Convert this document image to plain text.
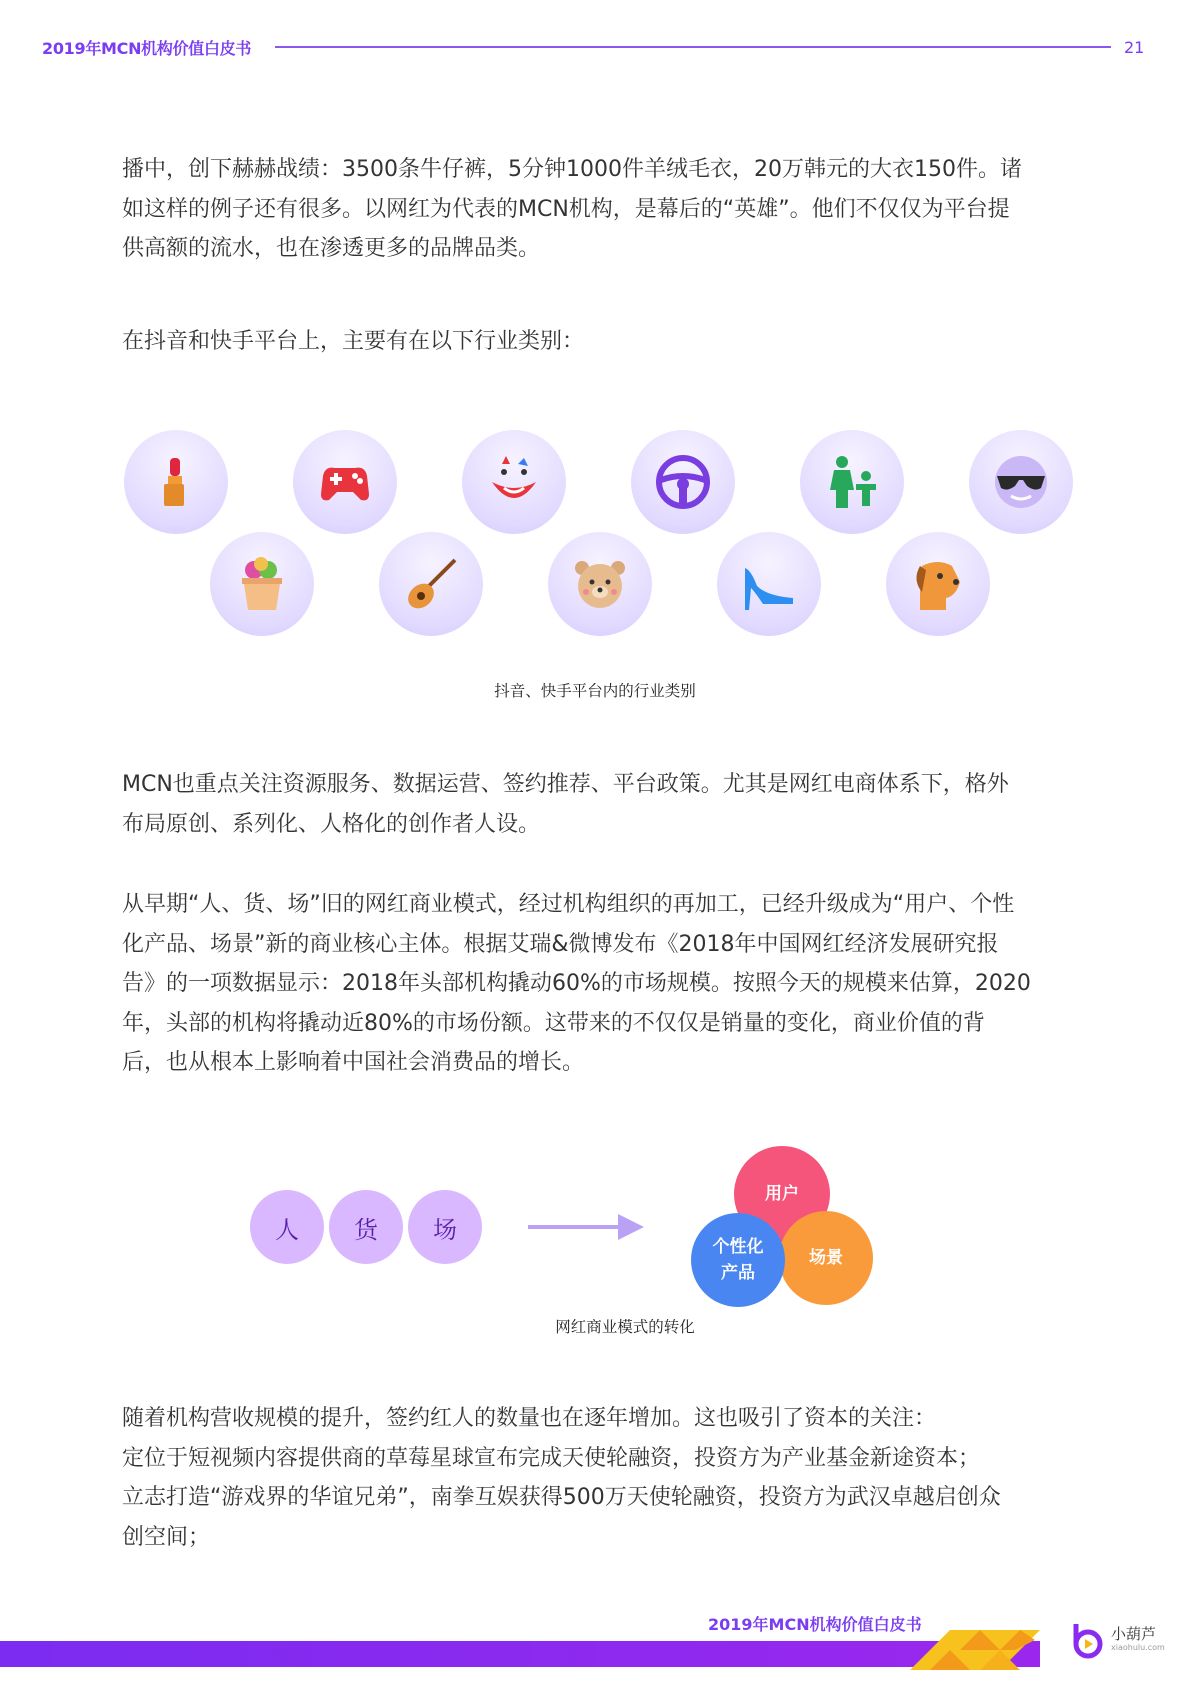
2019年MCN机构价值白皮书	21
播中，创下赫赫战绩：3500条牛仔裤，5分钟1000件羊绒毛衣，20万韩元的大衣150件。诸
如这样的例子还有很多。以网红为代表的MCN机构，是幕后的“英雄”。他们不仅仅为平台提
供高额的流水，也在渗透更多的品牌品类。
在抖音和快手平台上，主要有在以下行业类别：
抖音、快手平台内的行业类别
MCN也重点关注资源服务、数据运营、签约推荐、平台政策。尤其是网红电商体系下，格外
布局原创、系列化、人格化的创作者人设。
从早期“人、货、场”旧的网红商业模式，经过机构组织的再加工，已经升级成为“用户、个性
化产品、场景”新的商业核心主体。根据艾瑞&微博发布《2018年中国网红经济发展研究报
告》的一项数据显示：2018年头部机构撬动60%的市场规模。按照今天的规模来估算，2020
年，头部的机构将撬动近80%的市场份额。这带来的不仅仅是销量的变化，商业价值的背
后，也从根本上影响着中国社会消费品的增长。
人	货	场
用户
场景
个性化
产品
网红商业模式的转化
随着机构营收规模的提升，签约红人的数量也在逐年增加。这也吸引了资本的关注：
定位于短视频内容提供商的草莓星球宣布完成天使轮融资，投资方为产业基金新途资本；
立志打造“游戏界的华谊兄弟”，南拳互娱获得500万天使轮融资，投资方为武汉卓越启创众
创空间；
2019年MCN机构价值白皮书	小葫芦
xiaohulu.com
